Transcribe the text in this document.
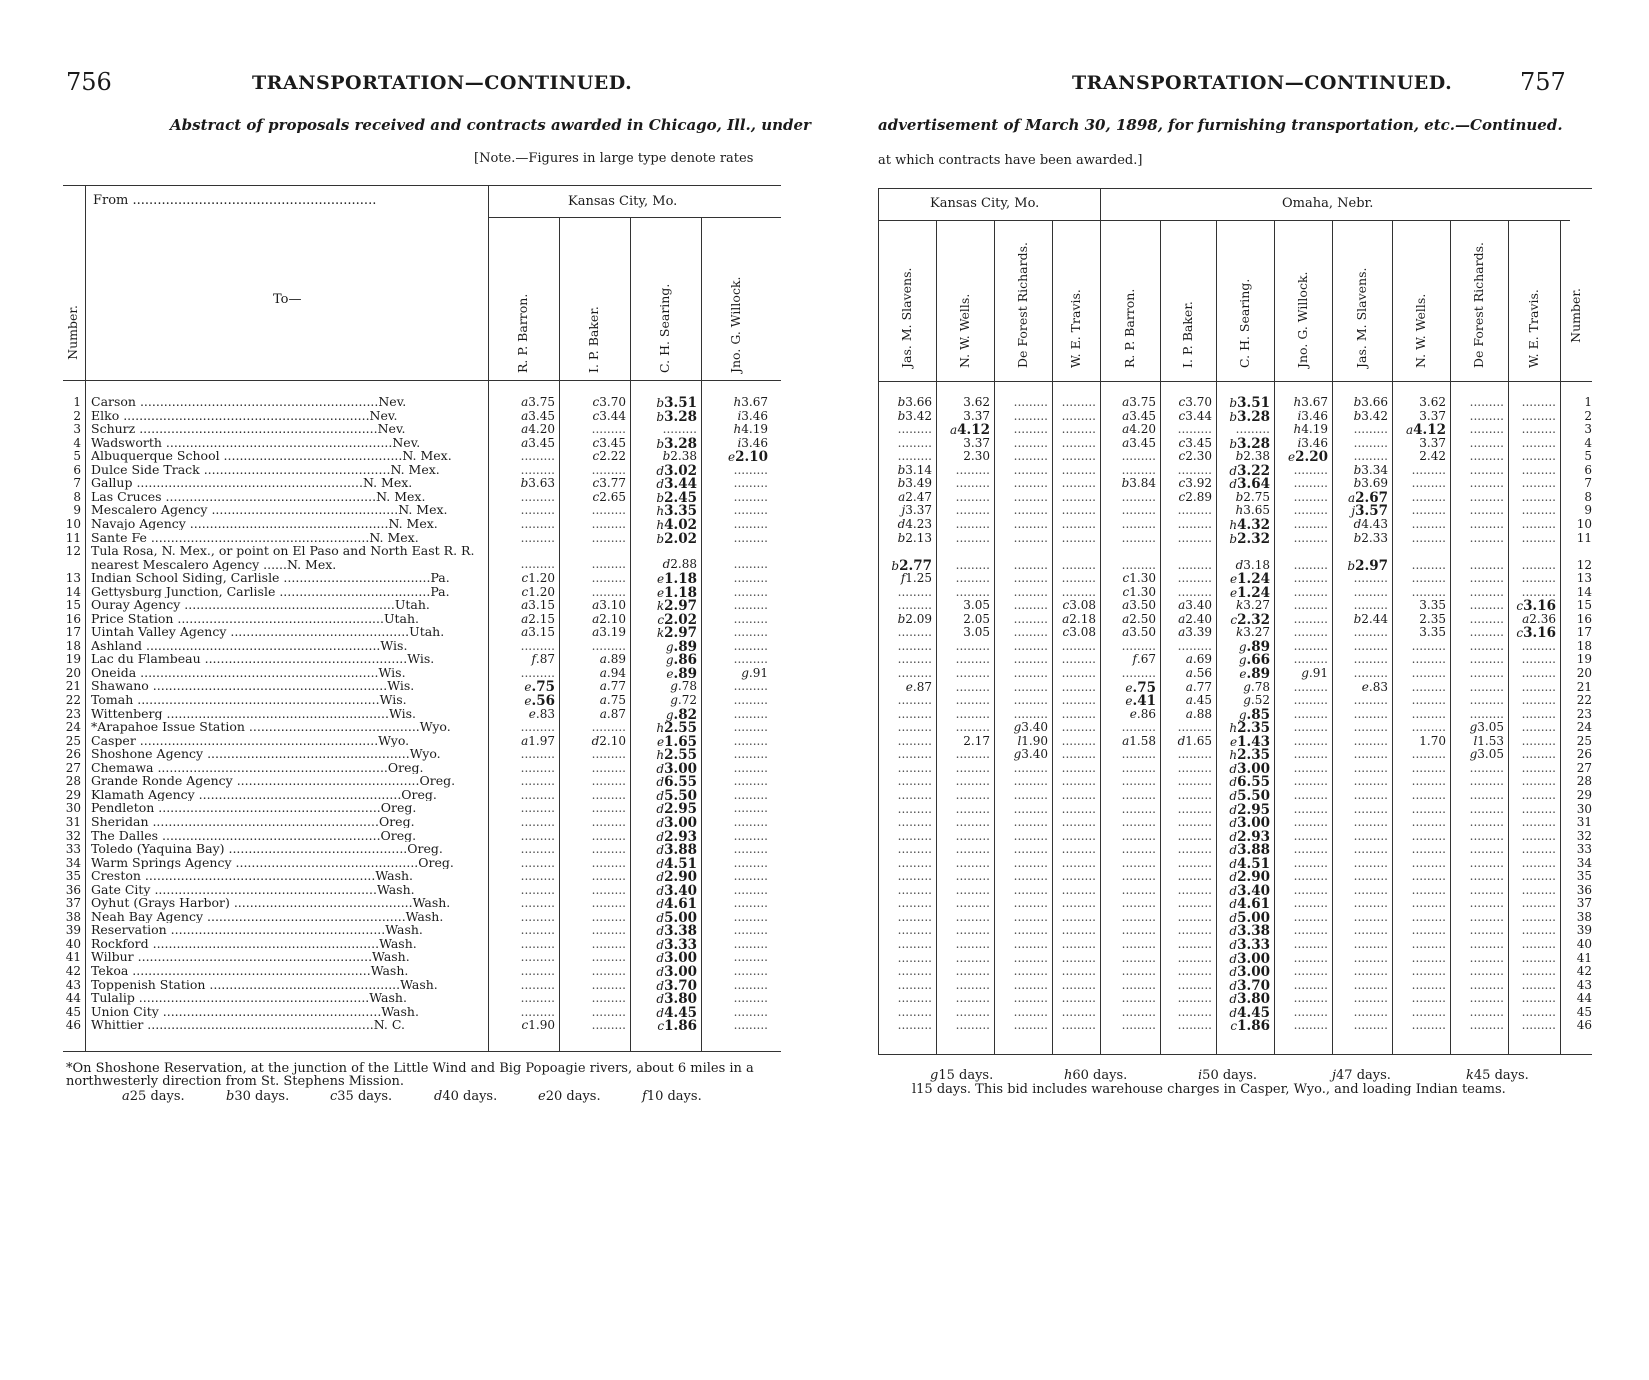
756	TRANSPORTATION—CONTINUED.
Abstract of proposals received and contracts awarded in Chicago, Ill., under
[Note.—Figures in large type denote rates
From ...........................................................	Kansas City, Mo.
To—
Number.	R. P. Barron.	I. P. Baker.	C. H. Searing.	Jno. G. Willock.
1 Carson ............................................................Nev.	a3.75	c3.70	b3.51	h3.67
2 Elko ..............................................................Nev.	a3.45	c3.44	b3.28	i3.46
3 Schurz ............................................................Nev.	a4.20	.........	.........	h4.19
4 Wadsworth .........................................................Nev.	a3.45	c3.45	b3.28	i3.46
5 Albuquerque School .............................................N. Mex.	.........	c2.22	b2.38	e2.10
6 Dulce Side Track ...............................................N. Mex.	.........	.........	d3.02	.........
7 Gallup .........................................................N. Mex.	b3.63	c3.77	d3.44	.........
8 Las Cruces .....................................................N. Mex.	.........	c2.65	b2.45	.........
9 Mescalero Agency ...............................................N. Mex.	.........	.........	h3.35	.........
10 Navajo Agency ..................................................N. Mex.	.........	.........	h4.02	.........
11 Sante Fe .......................................................N. Mex.	.........	.........	b2.02	.........
12 Tula Rosa, N. Mex., or point on El Paso and North East R. R. nearest Mescalero Agency ......N. Mex.	.........	.........	d2.88	.........
13 Indian School Siding, Carlisle .....................................Pa.	c1.20	.........	e1.18	.........
14 Gettysburg Junction, Carlisle ......................................Pa.	c1.20	.........	e1.18	.........
15 Ouray Agency .....................................................Utah.	a3.15	a3.10	k2.97	.........
16 Price Station ....................................................Utah.	a2.15	a2.10	c2.02	.........
17 Uintah Valley Agency .............................................Utah.	a3.15	a3.19	k2.97	.........
18 Ashland ...........................................................Wis.	.........	.........	g.89	.........
19 Lac du Flambeau ...................................................Wis.	f.87	a.89	g.86	.........
20 Oneida ............................................................Wis.	.........	a.94	e.89	g.91
21 Shawano ...........................................................Wis.	e.75	a.77	g.78	.........
22 Tomah .............................................................Wis.	e.56	a.75	g.72	.........
23 Wittenberg ........................................................Wis.	e.83	a.87	g.82	.........
24 *Arapahoe Issue Station ...........................................Wyo.	.........	.........	h2.55	.........
25 Casper ............................................................Wyo.	a1.97	d2.10	e1.65	.........
26 Shoshone Agency ...................................................Wyo.	.........	.........	h2.55	.........
27 Chemawa ..........................................................Oreg.	.........	.........	d3.00	.........
28 Grande Ronde Agency ..............................................Oreg.	.........	.........	d6.55	.........
29 Klamath Agency ...................................................Oreg.	.........	.........	d5.50	.........
30 Pendleton ........................................................Oreg.	.........	.........	d2.95	.........
31 Sheridan .........................................................Oreg.	.........	.........	d3.00	.........
32 The Dalles .......................................................Oreg.	.........	.........	d2.93	.........
33 Toledo (Yaquina Bay) .............................................Oreg.	.........	.........	d3.88	.........
34 Warm Springs Agency ..............................................Oreg.	.........	.........	d4.51	.........
35 Creston ..........................................................Wash.	.........	.........	d2.90	.........
36 Gate City ........................................................Wash.	.........	.........	d3.40	.........
37 Oyhut (Grays Harbor) .............................................Wash.	.........	.........	d4.61	.........
38 Neah Bay Agency ..................................................Wash.	.........	.........	d5.00	.........
39 Reservation ......................................................Wash.	.........	.........	d3.38	.........
40 Rockford .........................................................Wash.	.........	.........	d3.33	.........
41 Wilbur ...........................................................Wash.	.........	.........	d3.00	.........
42 Tekoa ............................................................Wash.	.........	.........	d3.00	.........
43 Toppenish Station ................................................Wash.	.........	.........	d3.70	.........
44 Tulalip ..........................................................Wash.	.........	.........	d3.80	.........
45 Union City .......................................................Wash.	.........	.........	d4.45	.........
46 Whittier .........................................................N. C.	c1.90	.........	c1.86	.........
*On Shoshone Reservation, at the junction of the Little Wind and Big Popoagie rivers, about 6 miles in a northwesterly direction from St. Stephens Mission.
a25 days.	b30 days.	c35 days.	d40 days.	e20 days.	f10 days.
TRANSPORTATION—CONTINUED.	757
advertisement of March 30, 1898, for furnishing transportation, etc.—Continued.
at which contracts have been awarded.]
Kansas City, Mo.	Omaha, Nebr.
Jas. M. Slavens.	N. W. Wells.	De Forest Richards.	W. E. Travis.	R. P. Barron.	I. P. Baker.	C. H. Searing.	Jno. G. Willock.	Jas. M. Slavens.	N. W. Wells.	De Forest Richards.	W. E. Travis. Number.
b3.66	3.62	.........	.........	a3.75	c3.70	b3.51	h3.67	b3.66	3.62	.........	.........	1
b3.42	3.37	.........	.........	a3.45	c3.44	b3.28	i3.46	b3.42	3.37	.........	.........	2
.........	a4.12	.........	.........	a4.20	.........	.........	h4.19	.........	a4.12	.........	.........	3
.........	3.37	.........	.........	a3.45	c3.45	b3.28	i3.46	.........	3.37	.........	.........	4
.........	2.30	.........	.........	.........	c2.30	b2.38	e2.20	.........	2.42	.........	.........	5
b3.14	.........	.........	.........	.........	.........	d3.22	.........	b3.34	.........	.........	.........	6
b3.49	.........	.........	.........	b3.84	c3.92	d3.64	.........	b3.69	.........	.........	.........	7
a2.47	.........	.........	.........	.........	c2.89	b2.75	.........	a2.67	.........	.........	.........	8
j3.37	.........	.........	.........	.........	.........	h3.65	.........	j3.57	.........	.........	.........	9
d4.23	.........	.........	.........	.........	.........	h4.32	.........	d4.43	.........	.........	.........	10
b2.13	.........	.........	.........	.........	.........	b2.32	.........	b2.33	.........	.........	.........	11
b2.77	.........	.........	.........	.........	.........	d3.18	.........	b2.97	.........	.........	.........	12
f1.25	.........	.........	.........	c1.30	.........	e1.24	.........	.........	.........	.........	.........	13
.........	.........	.........	.........	c1.30	.........	e1.24	.........	.........	.........	.........	.........	14
.........	3.05	.........	c3.08	a3.50	a3.40	k3.27	.........	.........	3.35	.........	c3.16	15
b2.09	2.05	.........	a2.18	a2.50	a2.40	c2.32	.........	b2.44	2.35	.........	a2.36	16
.........	3.05	.........	c3.08	a3.50	a3.39	k3.27	.........	.........	3.35	.........	c3.16	17
.........	.........	.........	.........	.........	.........	g.89	.........	.........	.........	.........	.........	18
.........	.........	.........	.........	f.67	a.69	g.66	.........	.........	.........	.........	.........	19
.........	.........	.........	.........	.........	a.56	e.89	g.91	.........	.........	.........	.........	20
e.87	.........	.........	.........	e.75	a.77	g.78	.........	e.83	.........	.........	.........	21
.........	.........	.........	.........	e.41	a.45	g.52	.........	.........	.........	.........	.........	22
.........	.........	.........	.........	e.86	a.88	g.85	.........	.........	.........	.........	.........	23
.........	.........	g3.40	.........	.........	.........	h2.35	.........	.........	.........	g3.05	.........	24
.........	2.17	l1.90	.........	a1.58	d1.65	e1.43	.........	.........	1.70	l1.53	.........	25
.........	.........	g3.40	.........	.........	.........	h2.35	.........	.........	.........	g3.05	.........	26
.........	.........	.........	.........	.........	.........	d3.00	.........	.........	.........	.........	.........	27
.........	.........	.........	.........	.........	.........	d6.55	.........	.........	.........	.........	.........	28
.........	.........	.........	.........	.........	.........	d5.50	.........	.........	.........	.........	.........	29
.........	.........	.........	.........	.........	.........	d2.95	.........	.........	.........	.........	.........	30
.........	.........	.........	.........	.........	.........	d3.00	.........	.........	.........	.........	.........	31
.........	.........	.........	.........	.........	.........	d2.93	.........	.........	.........	.........	.........	32
.........	.........	.........	.........	.........	.........	d3.88	.........	.........	.........	.........	.........	33
.........	.........	.........	.........	.........	.........	d4.51	.........	.........	.........	.........	.........	34
.........	.........	.........	.........	.........	.........	d2.90	.........	.........	.........	.........	.........	35
.........	.........	.........	.........	.........	.........	d3.40	.........	.........	.........	.........	.........	36
.........	.........	.........	.........	.........	.........	d4.61	.........	.........	.........	.........	.........	37
.........	.........	.........	.........	.........	.........	d5.00	.........	.........	.........	.........	.........	38
.........	.........	.........	.........	.........	.........	d3.38	.........	.........	.........	.........	.........	39
.........	.........	.........	.........	.........	.........	d3.33	.........	.........	.........	.........	.........	40
.........	.........	.........	.........	.........	.........	d3.00	.........	.........	.........	.........	.........	41
.........	.........	.........	.........	.........	.........	d3.00	.........	.........	.........	.........	.........	42
.........	.........	.........	.........	.........	.........	d3.70	.........	.........	.........	.........	.........	43
.........	.........	.........	.........	.........	.........	d3.80	.........	.........	.........	.........	.........	44
.........	.........	.........	.........	.........	.........	d4.45	.........	.........	.........	.........	.........	45
.........	.........	.........	.........	.........	.........	c1.86	.........	.........	.........	.........	.........	46
g15 days.	h60 days.	i50 days.	j47 days.	k45 days.
l15 days. This bid includes warehouse charges in Casper, Wyo., and loading Indian teams.
